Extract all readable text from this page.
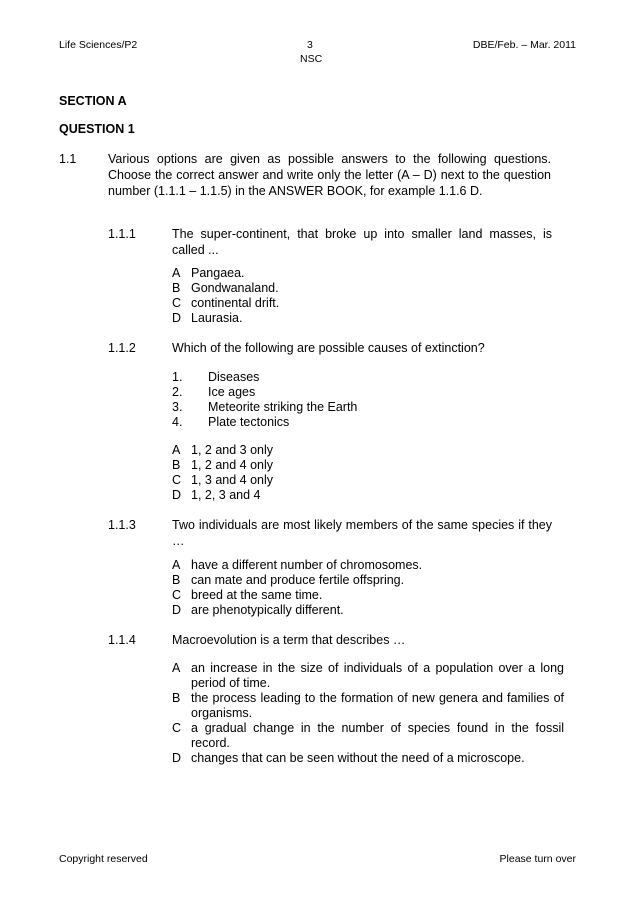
Life Sciences/P2	3
NSC
DBE/Feb. – Mar. 2011
SECTION A
QUESTION 1
1.1	Various options are given as possible answers to the following questions. Choose the correct answer and write only the letter (A – D) next to the question number (1.1.1 – 1.1.5) in the ANSWER BOOK, for example 1.1.6 D.
1.1.1	The super-continent, that broke up into smaller land masses, is called ...
A Pangaea.
B Gondwanaland.
C continental drift.
D Laurasia.
1.1.2	Which of the following are possible causes of extinction?
1. Diseases
2. Ice ages
3. Meteorite striking the Earth
4. Plate tectonics
A 1, 2 and 3 only
B 1, 2 and 4 only
C 1, 3 and 4 only
D 1, 2, 3 and 4
1.1.3	Two individuals are most likely members of the same species if they …
A have a different number of chromosomes.
B can mate and produce fertile offspring.
C breed at the same time.
D are phenotypically different.
1.1.4	Macroevolution is a term that describes …
A an increase in the size of individuals of a population over a long period of time.
B the process leading to the formation of new genera and families of organisms.
C a gradual change in the number of species found in the fossil record.
D changes that can be seen without the need of a microscope.
Copyright reserved	Please turn over
